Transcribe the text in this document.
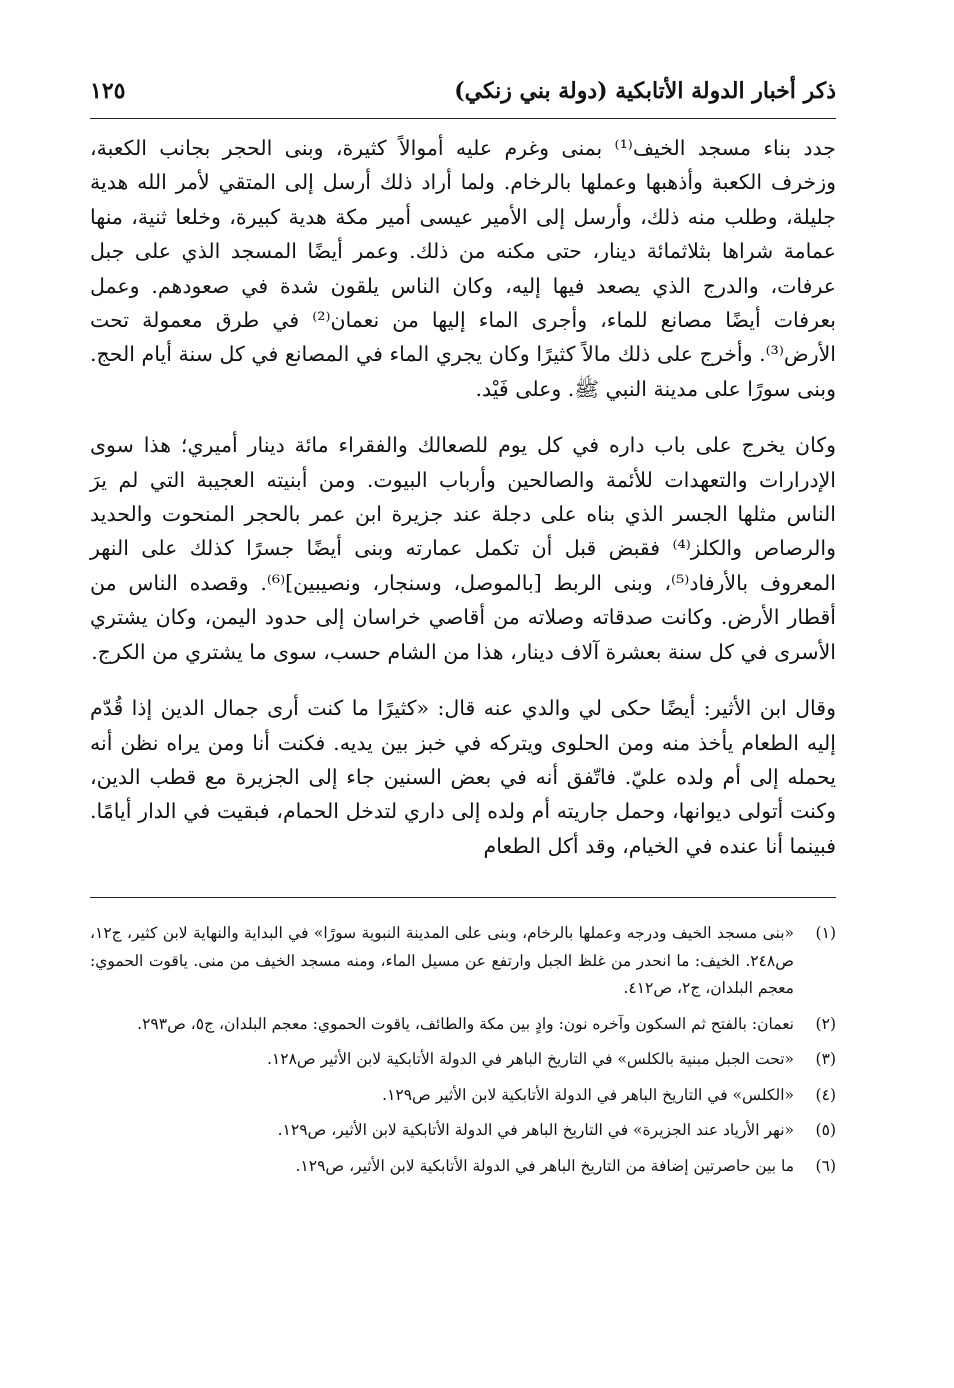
ذكر أخبار الدولة الأتابكية (دولة بني زنكي)
١٢٥

جدد بناء مسجد الخيف⁽¹⁾ بمنى وغرم عليه أموالاً كثيرة، وبنى الحجر بجانب الكعبة، وزخرف الكعبة وأذهبها وعملها بالرخام. ولما أراد ذلك أرسل إلى المتقي لأمر الله هدية جليلة، وطلب منه ذلك، وأرسل إلى الأمير عيسى أمير مكة هدية كبيرة، وخلعا ثنية، منها عمامة شراها بثلاثمائة دينار، حتى مكنه من ذلك. وعمر أيضًا المسجد الذي على جبل عرفات، والدرج الذي يصعد فيها إليه، وكان الناس يلقون شدة في صعودهم. وعمل بعرفات أيضًا مصانع للماء، وأجرى الماء إليها من نعمان⁽²⁾ في طرق معمولة تحت الأرض⁽³⁾. وأخرج على ذلك مالاً كثيرًا وكان يجري الماء في المصانع في كل سنة أيام الحج. وبنى سورًا على مدينة النبي ﷺ. وعلى فَيْد.

وكان يخرج على باب داره في كل يوم للصعالك والفقراء مائة دينار أميري؛ هذا سوى الإدرارات والتعهدات للأئمة والصالحين وأرباب البيوت. ومن أبنيته العجيبة التي لم يرَ الناس مثلها الجسر الذي بناه على دجلة عند جزيرة ابن عمر بالحجر المنحوت والحديد والرصاص والكلز⁽⁴⁾ فقبض قبل أن تكمل عمارته وبنى أيضًا جسرًا كذلك على النهر المعروف بالأرفاد⁽⁵⁾، وبنى الربط [بالموصل، وسنجار، ونصيبين]⁽⁶⁾. وقصده الناس من أقطار الأرض. وكانت صدقاته وصلاته من أقاصي خراسان إلى حدود اليمن، وكان يشتري الأسرى في كل سنة بعشرة آلاف دينار، هذا من الشام حسب، سوى ما يشتري من الكرج.

وقال ابن الأثير: أيضًا حكى لي والدي عنه قال: «كثيرًا ما كنت أرى جمال الدين إذا قُدّم إليه الطعام يأخذ منه ومن الحلوى ويتركه في خبز بين يديه. فكنت أنا ومن يراه نظن أنه يحمله إلى أم ولده عليّ. فاتّفق أنه في بعض السنين جاء إلى الجزيرة مع قطب الدين، وكنت أتولى ديوانها، وحمل جاريته أم ولده إلى داري لتدخل الحمام، فبقيت في الدار أيامًا. فبينما أنا عنده في الخيام، وقد أكل الطعام

(١)
«بنى مسجد الخيف ودرجه وعملها بالرخام، وبنى على المدينة النبوية سورًا» في البداية والنهاية لابن كثير، ج١٢، ص٢٤٨. الخيف: ما انحدر من غلظ الجبل وارتفع عن مسيل الماء، ومنه مسجد الخيف من منى. ياقوت الحموي: معجم البلدان، ج٢، ص٤١٢.
(٢)
نعمان: بالفتح ثم السكون وآخره نون: وادٍ بين مكة والطائف، ياقوت الحموي: معجم البلدان، ج٥، ص٢٩٣.
(٣)
«تحت الجبل مبنية بالكلس» في التاريخ الباهر في الدولة الأتابكية لابن الأثير ص١٢٨.
(٤)
«الكلس» في التاريخ الباهر في الدولة الأتابكية لابن الأثير ص١٢٩.
(٥)
«نهر الأرياد عند الجزيرة» في التاريخ الباهر في الدولة الأتابكية لابن الأثير، ص١٢٩.
(٦)
ما بين حاصرتين إضافة من التاريخ الباهر في الدولة الأتابكية لابن الأثير، ص١٢٩.
